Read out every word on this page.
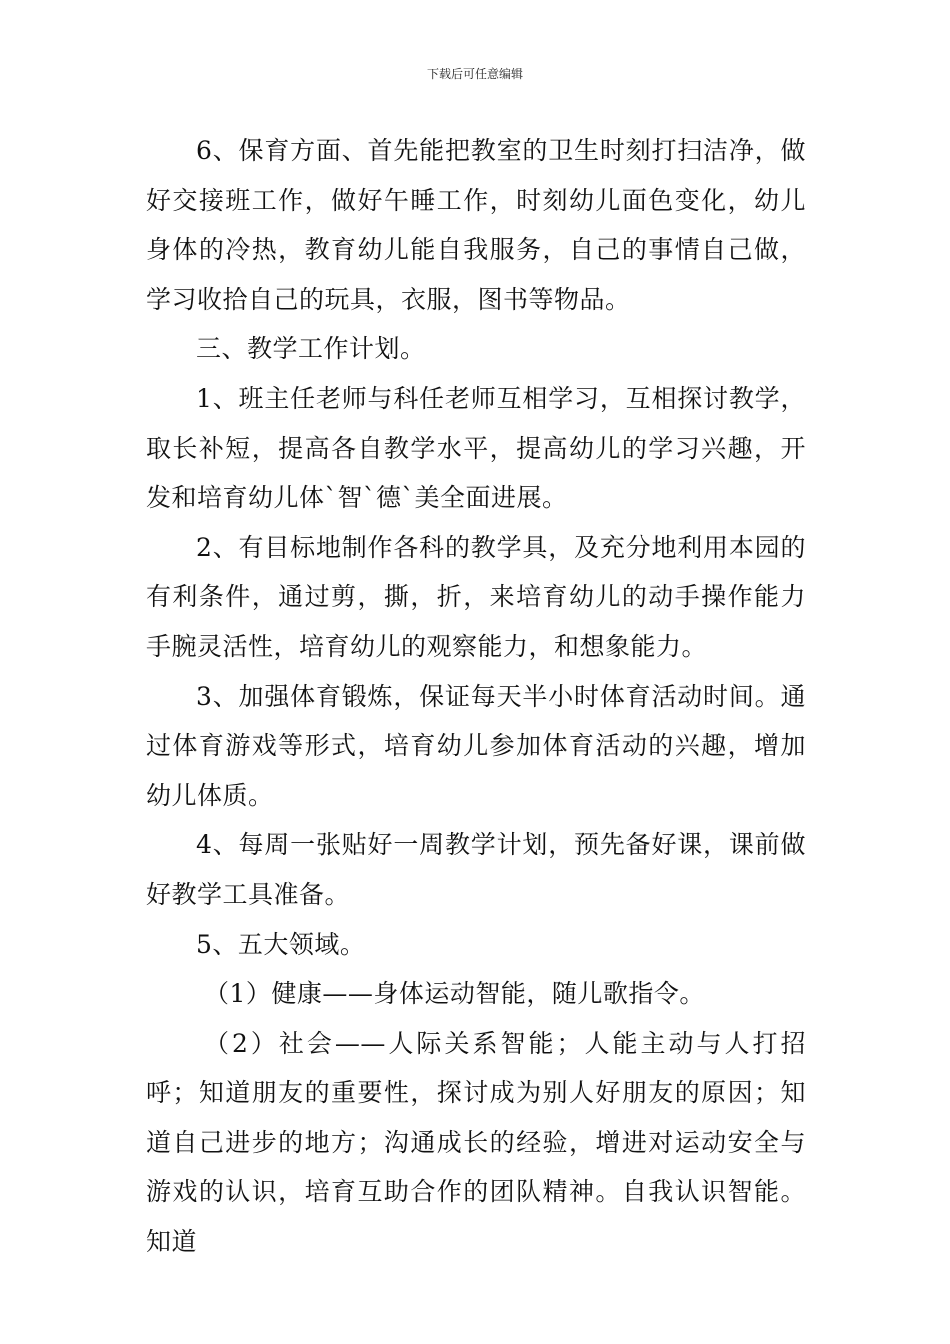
下载后可任意编辑

6、保育方面、首先能把教室的卫生时刻打扫洁净，做好交接班工作，做好午睡工作，时刻幼儿面色变化，幼儿身体的冷热，教育幼儿能自我服务，自己的事情自己做，学习收拾自己的玩具，衣服，图书等物品。

三、教学工作计划。

1、班主任老师与科任老师互相学习，互相探讨教学，取长补短，提高各自教学水平，提高幼儿的学习兴趣，开发和培育幼儿体`智`德`美全面进展。

2、有目标地制作各科的教学具，及充分地利用本园的有利条件，通过剪，撕，折，来培育幼儿的动手操作能力手腕灵活性，培育幼儿的观察能力，和想象能力。

3、加强体育锻炼，保证每天半小时体育活动时间。通过体育游戏等形式，培育幼儿参加体育活动的兴趣，增加幼儿体质。

4、每周一张贴好一周教学计划，预先备好课，课前做好教学工具准备。

5、五大领域。

（1）健康——身体运动智能，随儿歌指令。

（2）社会——人际关系智能；人能主动与人打招呼；知道朋友的重要性，探讨成为别人好朋友的原因；知道自己进步的地方；沟通成长的经验，增进对运动安全与游戏的认识，培育互助合作的团队精神。自我认识智能。知道
